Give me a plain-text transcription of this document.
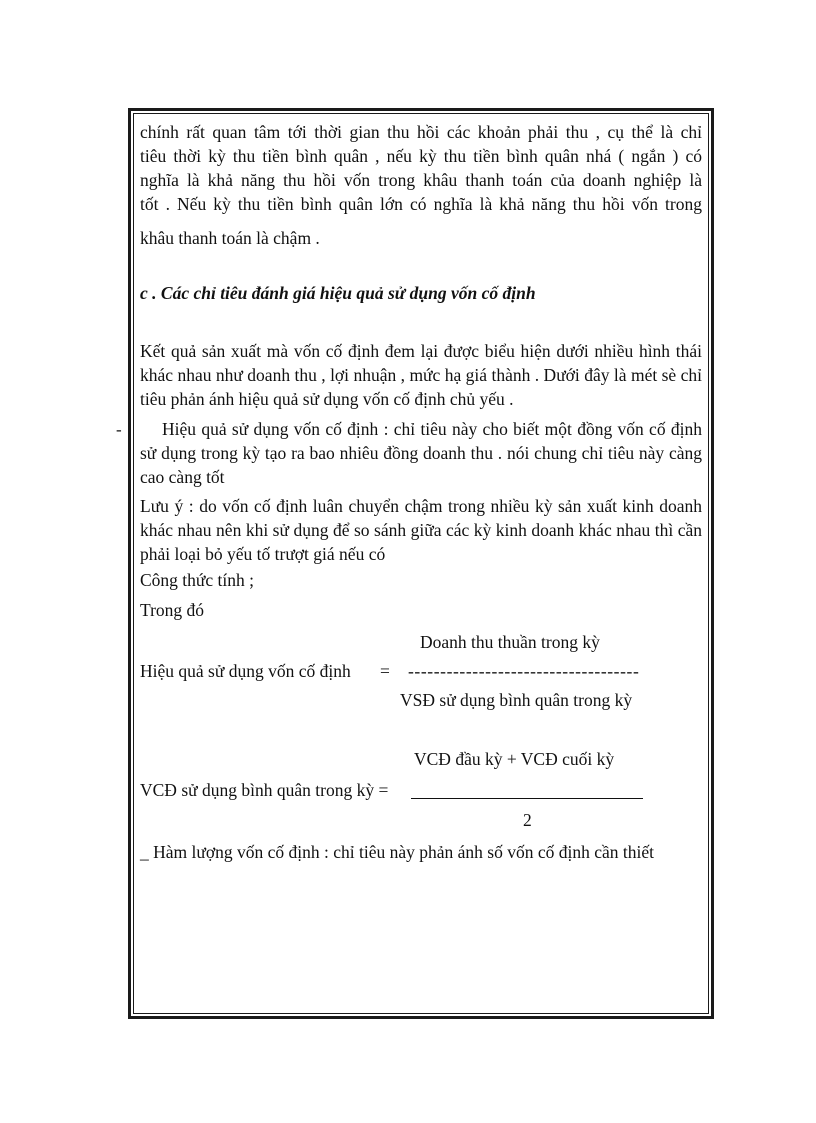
-

chính rất quan tâm tới thời gian thu hồi các khoản phải thu , cụ thể là chỉ

tiêu thời kỳ thu tiền bình quân , nếu kỳ thu tiền bình quân nhá ( ngắn ) có

nghĩa là khả năng thu hồi vốn trong khâu thanh toán của doanh nghiệp là

tốt . Nếu kỳ thu tiền bình quân lớn có nghĩa là khả năng thu hồi vốn trong

khâu thanh toán là chậm .
c . Các chỉ tiêu đánh giá hiệu quả sử dụng vốn cố định

Kết quả sản xuất mà vốn cố định đem lại được biểu hiện dưới nhiều hình thái khác nhau như doanh thu , lợi nhuận , mức hạ giá thành . Dưới đây là mét sè chỉ tiêu phản ánh hiệu quả sử dụng vốn cố định chủ yếu .

Hiệu quả sử dụng vốn cố định : chỉ tiêu này cho biết một đồng vốn cố định sử dụng trong kỳ tạo ra bao nhiêu đồng doanh thu . nói chung chỉ tiêu này càng cao càng tốt

Lưu ý : do vốn cố định luân chuyển chậm trong nhiều kỳ sản xuất kinh doanh khác nhau nên khi sử dụng để so sánh giữa các kỳ kinh doanh khác nhau thì cần phải loại bỏ yếu tố trượt giá nếu có

Công thức tính ;
Trong đó
Doanh thu thuần trong kỳ
Hiệu quả sử dụng vốn cố định = ------------------------------------
VSĐ sử dụng bình quân trong kỳ
VCĐ đầu kỳ + VCĐ cuối kỳ
VCĐ sử dụng bình quân trong kỳ =
2
_ Hàm lượng vốn cố định : chỉ tiêu này phản ánh số vốn cố định cần thiết
